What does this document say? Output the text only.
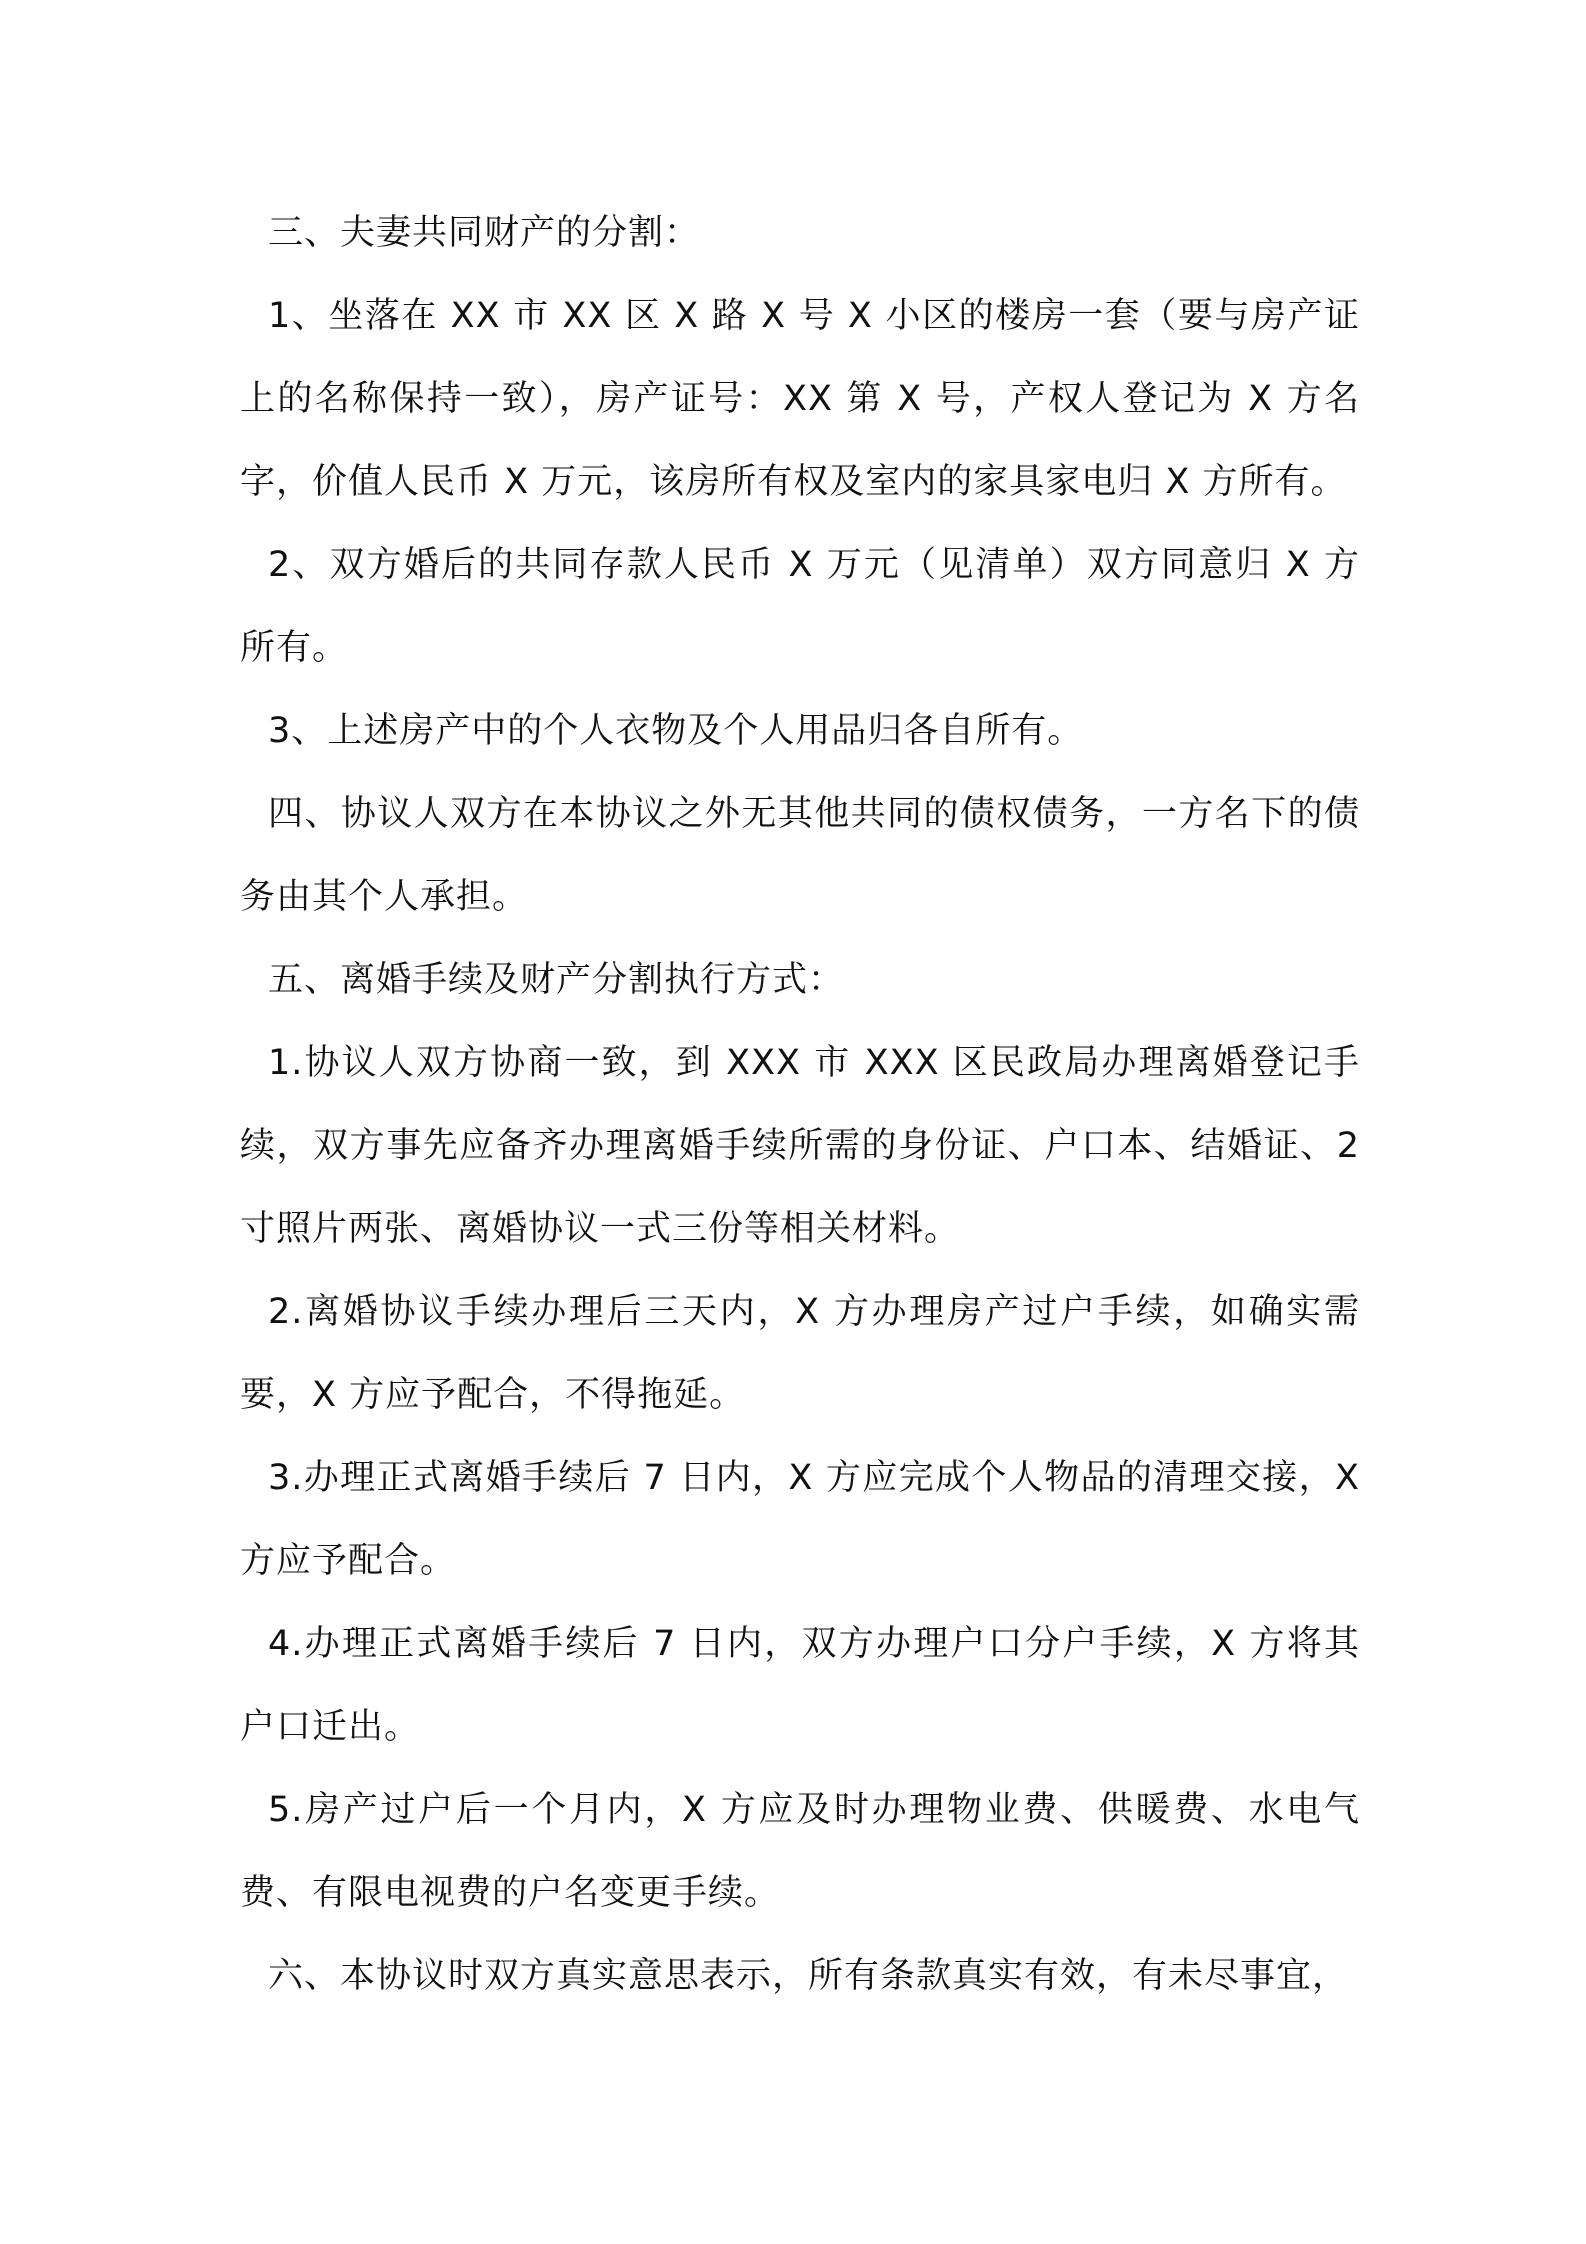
三、夫妻共同财产的分割：

1、坐落在 XX 市 XX 区 X 路 X 号 X 小区的楼房一套（要与房产证上的名称保持一致），房产证号：XX 第 X 号，产权人登记为 X 方名字，价值人民币 X 万元，该房所有权及室内的家具家电归 X 方所有。

2、双方婚后的共同存款人民币 X 万元（见清单）双方同意归 X 方所有。

3、上述房产中的个人衣物及个人用品归各自所有。

四、协议人双方在本协议之外无其他共同的债权债务，一方名下的债务由其个人承担。

五、离婚手续及财产分割执行方式：

1.协议人双方协商一致，到 XXX 市 XXX 区民政局办理离婚登记手续，双方事先应备齐办理离婚手续所需的身份证、户口本、结婚证、2 寸照片两张、离婚协议一式三份等相关材料。

2.离婚协议手续办理后三天内，X 方办理房产过户手续，如确实需要，X 方应予配合，不得拖延。

3.办理正式离婚手续后 7 日内，X 方应完成个人物品的清理交接，X 方应予配合。

4.办理正式离婚手续后 7 日内，双方办理户口分户手续，X 方将其户口迁出。

5.房产过户后一个月内，X 方应及时办理物业费、供暖费、水电气费、有限电视费的户名变更手续。

六、本协议时双方真实意思表示，所有条款真实有效，有未尽事宜，
